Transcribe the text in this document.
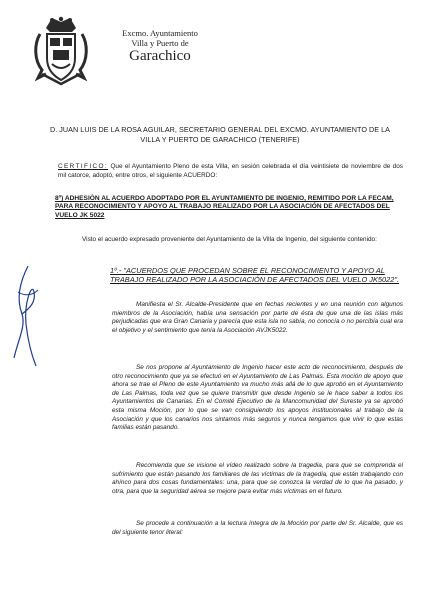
Excmo. Ayuntamiento
Villa y Puerto de
Garachico
D. JUAN LUIS DE LA ROSA AGUILAR, SECRETARIO GENERAL DEL EXCMO. AYUNTAMIENTO DE LA VILLA Y PUERTO DE GARACHICO (TENERIFE)
CERTIFICO: Que el Ayuntamiento Pleno de esta Villa, en sesión celebrada el día veintisiete de noviembre de dos mil catorce, adoptó, entre otros, el siguiente ACUERDO:
8º) ADHESIÓN AL ACUERDO ADOPTADO POR EL AYUNTAMIENTO DE INGENIO, REMITIDO POR LA FECAM, PARA RECONOCIMIENTO Y APOYO AL TRABAJO REALIZADO POR LA ASOCIACIÓN DE AFECTADOS DEL VUELO JK 5022
Visto el acuerdo expresado proveniente del Ayuntamiento de la Villa de Ingenio, del siguiente contenido:
1º.- "ACUERDOS QUE PROCEDAN SOBRE EL RECONOCIMIENTO Y APOYO AL TRABAJO REALIZADO POR LA ASOCIACIÓN DE AFECTADOS DEL VUELO JK5022".
Manifiesta el Sr. Alcalde-Presidente que en fechas recientes y en una reunión con algunos miembros de la Asociación, había una sensación por parte de ésta de que una de las islas más perjudicadas que era Gran Canaria y parecía que esta isla no sabía, no conocía o no percibía cual era el objetivo y el sentimiento que tenía la Asociación AVJK5022.
Se nos propone al Ayuntamiento de Ingenio hacer este acto de reconocimiento, después de otro reconocimiento que ya se efectuó en el Ayuntamiento de Las Palmas. Esta moción de apoyo que ahora se trae el Pleno de este Ayuntamiento va mucho más allá de lo que aprobó en el Ayuntamiento de Las Palmas, toda vez que se quiere transmitir que desde Ingenio se le hace saber a todos los Ayuntamientos de Canarias. En el Comité Ejecutivo de la Mancomunidad del Sureste ya se aprobó esta misma Moción, por lo que se van consiguiendo los apoyos institucionales al trabajo de la Asociación y que los canarios nos sintamos más seguros y nunca tengamos que vivir lo que estas familias están pasando.
Recomienda que se visione el vídeo realizado sobre la tragedia, para que se comprenda el sufrimiento que están pasando los familiares de las víctimas de la tragedia, que están trabajando con ahínco para dos cosas fundamentales: una, para que se conozca la verdad de lo que ha pasado, y otra, para que la seguridad aérea se mejore para evitar más víctimas en el futuro.
Se procede a continuación a la lectura íntegra de la Moción por parte del Sr. Alcalde, que es del siguiente tenor literal:
